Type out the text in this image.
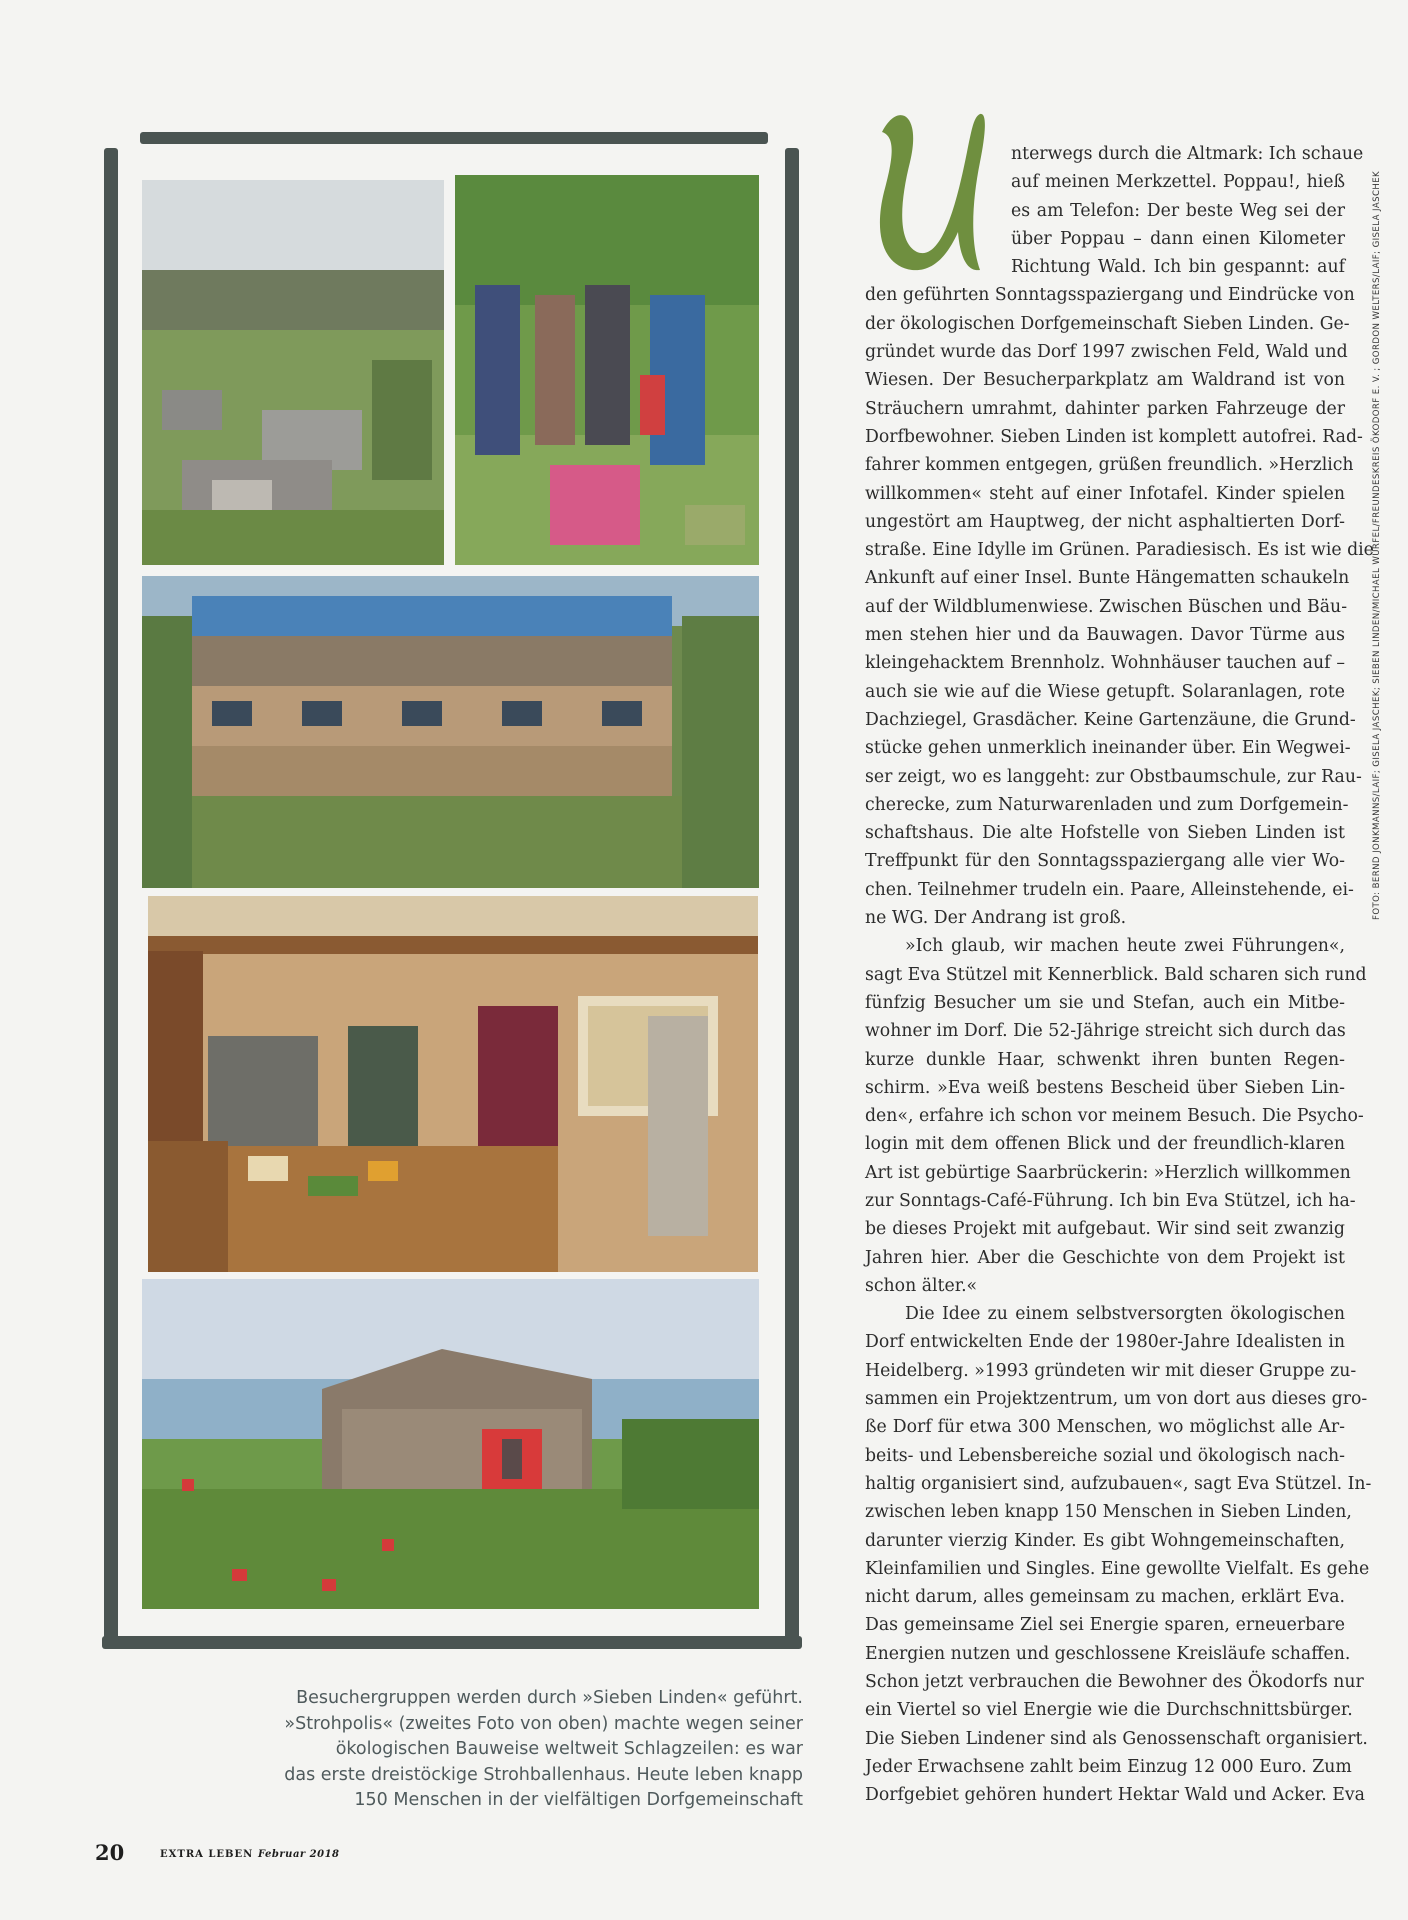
Besuchergruppen werden durch »Sieben Linden« geführt.
»Strohpolis« (zweites Foto von oben) machte wegen seiner
ökologischen Bauweise weltweit Schlagzeilen: es war
das erste dreistöckige Strohballenhaus. Heute leben knapp
150 Menschen in der vielfältigen Dorfgemeinschaft

nterwegs durch die Altmark: Ich schaue
auf meinen Merkzettel. Poppau!, hieß
es am Telefon: Der beste Weg sei der
über Poppau – dann einen Kilometer
Richtung Wald. Ich bin gespannt: auf
den geführten Sonntagsspaziergang und Eindrücke von
der ökologischen Dorfgemeinschaft Sieben Linden. Ge-
gründet wurde das Dorf 1997 zwischen Feld, Wald und
Wiesen. Der Besucherparkplatz am Waldrand ist von
Sträuchern umrahmt, dahinter parken Fahrzeuge der
Dorfbewohner. Sieben Linden ist komplett autofrei. Rad-
fahrer kommen entgegen, grüßen freundlich. »Herzlich
willkommen« steht auf einer Infotafel. Kinder spielen
ungestört am Hauptweg, der nicht asphaltierten Dorf-
straße. Eine Idylle im Grünen. Paradiesisch. Es ist wie die
Ankunft auf einer Insel. Bunte Hängematten schaukeln
auf der Wildblumenwiese. Zwischen Büschen und Bäu-
men stehen hier und da Bauwagen. Davor Türme aus
kleingehacktem Brennholz. Wohnhäuser tauchen auf –
auch sie wie auf die Wiese getupft. Solaranlagen, rote
Dachziegel, Grasdächer. Keine Gartenzäune, die Grund-
stücke gehen unmerklich ineinander über. Ein Wegwei-
ser zeigt, wo es langgeht: zur Obstbaumschule, zur Rau-
cherecke, zum Naturwarenladen und zum Dorfgemein-
schaftshaus. Die alte Hofstelle von Sieben Linden ist
Treffpunkt für den Sonntagsspaziergang alle vier Wo-
chen. Teilnehmer trudeln ein. Paare, Alleinstehende, ei-
ne WG. Der Andrang ist groß.
»Ich glaub, wir machen heute zwei Führungen«,
sagt Eva Stützel mit Kennerblick. Bald scharen sich rund
fünfzig Besucher um sie und Stefan, auch ein Mitbe-
wohner im Dorf. Die 52-Jährige streicht sich durch das
kurze dunkle Haar, schwenkt ihren bunten Regen-
schirm. »Eva weiß bestens Bescheid über Sieben Lin-
den«, erfahre ich schon vor meinem Besuch. Die Psycho-
login mit dem offenen Blick und der freundlich-klaren
Art ist gebürtige Saarbrückerin: »Herzlich willkommen
zur Sonntags-Café-Führung. Ich bin Eva Stützel, ich ha-
be dieses Projekt mit aufgebaut. Wir sind seit zwanzig
Jahren hier. Aber die Geschichte von dem Projekt ist
schon älter.«
Die Idee zu einem selbstversorgten ökologischen
Dorf entwickelten Ende der 1980er-Jahre Idealisten in
Heidelberg. »1993 gründeten wir mit dieser Gruppe zu-
sammen ein Projektzentrum, um von dort aus dieses gro-
ße Dorf für etwa 300 Menschen, wo möglichst alle Ar-
beits- und Lebensbereiche sozial und ökologisch nach-
haltig organisiert sind, aufzubauen«, sagt Eva Stützel. In-
zwischen leben knapp 150 Menschen in Sieben Linden,
darunter vierzig Kinder. Es gibt Wohngemeinschaften,
Kleinfamilien und Singles. Eine gewollte Vielfalt. Es gehe
nicht darum, alles gemeinsam zu machen, erklärt Eva.
Das gemeinsame Ziel sei Energie sparen, erneuerbare
Energien nutzen und geschlossene Kreisläufe schaffen.
Schon jetzt verbrauchen die Bewohner des Ökodorfs nur
ein Viertel so viel Energie wie die Durchschnittsbürger.
Die Sieben Lindener sind als Genossenschaft organisiert.
Jeder Erwachsene zahlt beim Einzug 12 000 Euro. Zum
Dorfgebiet gehören hundert Hektar Wald und Acker. Eva
FOTO: BERND JONKMANNS/LAIF; GISELA JASCHEK; SIEBEN LINDEN/MICHAEL WÜRFEL/FREUNDESKREIS ÖKODORF E. V. ; GORDON WELTERS/LAIF; GISELA JASCHEK
20	EXTRA LEBEN Februar 2018
